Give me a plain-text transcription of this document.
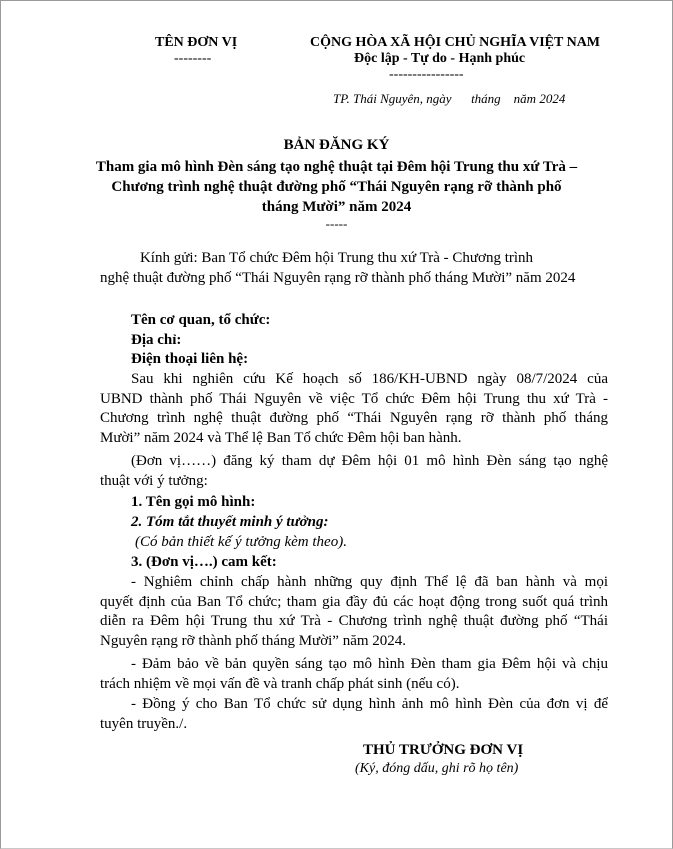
TÊN ĐƠN VỊ
--------
CỘNG HÒA XÃ HỘI CHỦ NGHĨA VIỆT NAM
Độc lập - Tự do - Hạnh phúc
----------------
TP. Thái Nguyên, ngày      tháng    năm 2024
BẢN ĐĂNG KÝ
Tham gia mô hình Đèn sáng tạo nghệ thuật tại Đêm hội Trung thu xứ Trà –
Chương trình nghệ thuật đường phố “Thái Nguyên rạng rỡ thành phố
tháng Mười” năm 2024
-----
Kính gửi: Ban Tổ chức Đêm hội Trung thu xứ Trà - Chương trình
nghệ thuật đường phố “Thái Nguyên rạng rỡ thành phố tháng Mười” năm 2024
Tên cơ quan, tổ chức:
Địa chỉ:
Điện thoại liên hệ:
Sau khi nghiên cứu Kế hoạch số 186/KH-UBND ngày 08/7/2024 của
UBND thành phố Thái Nguyên về việc Tổ chức Đêm hội Trung thu xứ Trà -
Chương trình nghệ thuật đường phố “Thái Nguyên rạng rỡ thành phố tháng
Mười” năm 2024 và Thể lệ Ban Tổ chức Đêm hội ban hành.
(Đơn vị……) đăng ký tham dự Đêm hội 01 mô hình Đèn sáng tạo nghệ
thuật với ý tưởng:
1. Tên gọi mô hình:
2. Tóm tắt thuyết minh ý tưởng:
(Có bản thiết kế ý tưởng kèm theo).
3. (Đơn vị….) cam kết:
- Nghiêm chỉnh chấp hành những quy định Thể lệ đã ban hành và mọi
quyết định của Ban Tổ chức; tham gia đầy đủ các hoạt động trong suốt quá trình
diễn ra Đêm hội Trung thu xứ Trà - Chương trình nghệ thuật đường phố “Thái
Nguyên rạng rỡ thành phố tháng Mười” năm 2024.
- Đảm bảo về bản quyền sáng tạo mô hình Đèn tham gia Đêm hội và chịu
trách nhiệm về mọi vấn đề và tranh chấp phát sinh (nếu có).
- Đồng ý cho Ban Tổ chức sử dụng hình ảnh mô hình Đèn của đơn vị để
tuyên truyền./.
THỦ TRƯỞNG ĐƠN VỊ
(Ký, đóng dấu, ghi rõ họ tên)
